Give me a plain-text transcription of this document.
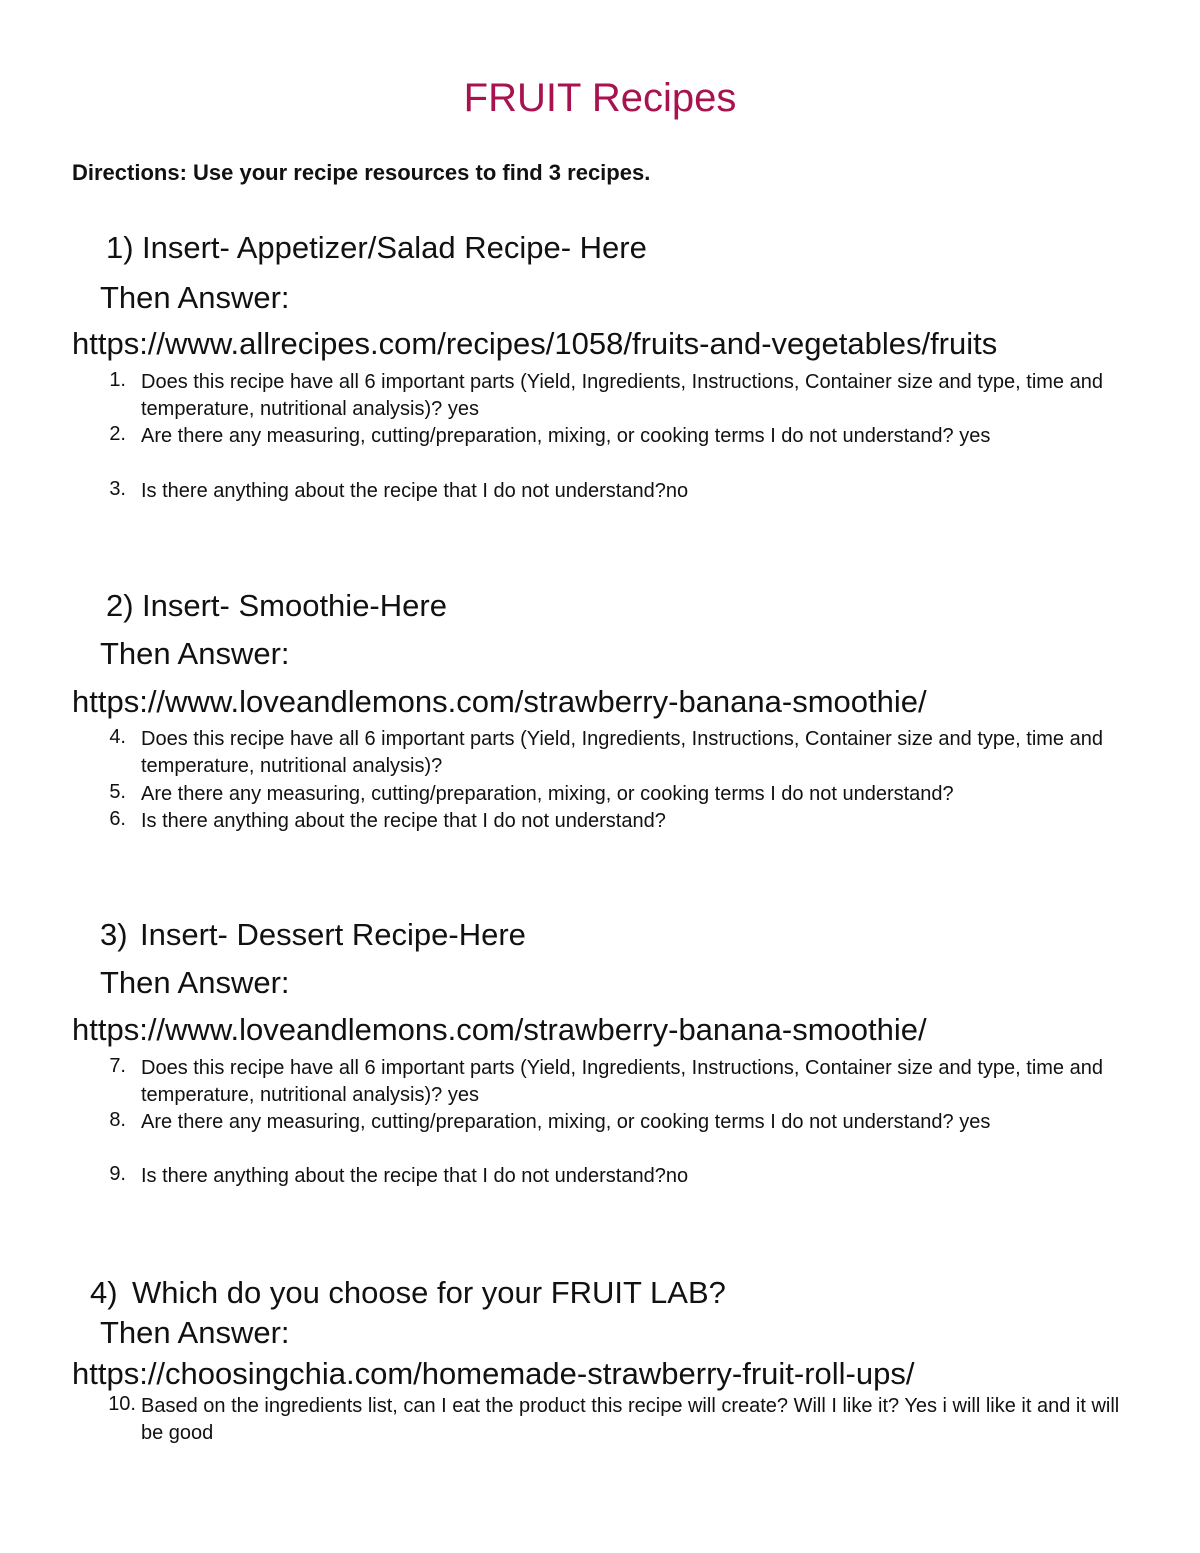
FRUIT Recipes
Directions: Use your recipe resources to find 3 recipes.
1) Insert- Appetizer/Salad Recipe- Here
Then Answer:
https://www.allrecipes.com/recipes/1058/fruits-and-vegetables/fruits
1. Does this recipe have all 6 important parts (Yield, Ingredients, Instructions, Container size and type, time and temperature, nutritional analysis)? yes
2. Are there any measuring, cutting/preparation, mixing, or cooking terms I do not understand? yes
3. Is there anything about the recipe that I do not understand?no
2) Insert- Smoothie-Here
Then Answer:
https://www.loveandlemons.com/strawberry-banana-smoothie/
4. Does this recipe have all 6 important parts (Yield, Ingredients, Instructions, Container size and type, time and temperature, nutritional analysis)?
5. Are there any measuring, cutting/preparation, mixing, or cooking terms I do not understand?
6. Is there anything about the recipe that I do not understand?
3) Insert- Dessert Recipe-Here
Then Answer:
https://www.loveandlemons.com/strawberry-banana-smoothie/
7. Does this recipe have all 6 important parts (Yield, Ingredients, Instructions, Container size and type, time and temperature, nutritional analysis)? yes
8. Are there any measuring, cutting/preparation, mixing, or cooking terms I do not understand? yes
9. Is there anything about the recipe that I do not understand?no
4) Which do you choose for your FRUIT LAB?
Then Answer:
https://choosingchia.com/homemade-strawberry-fruit-roll-ups/
10. Based on the ingredients list, can I eat the product this recipe will create? Will I like it? Yes i will like it and it will be good
